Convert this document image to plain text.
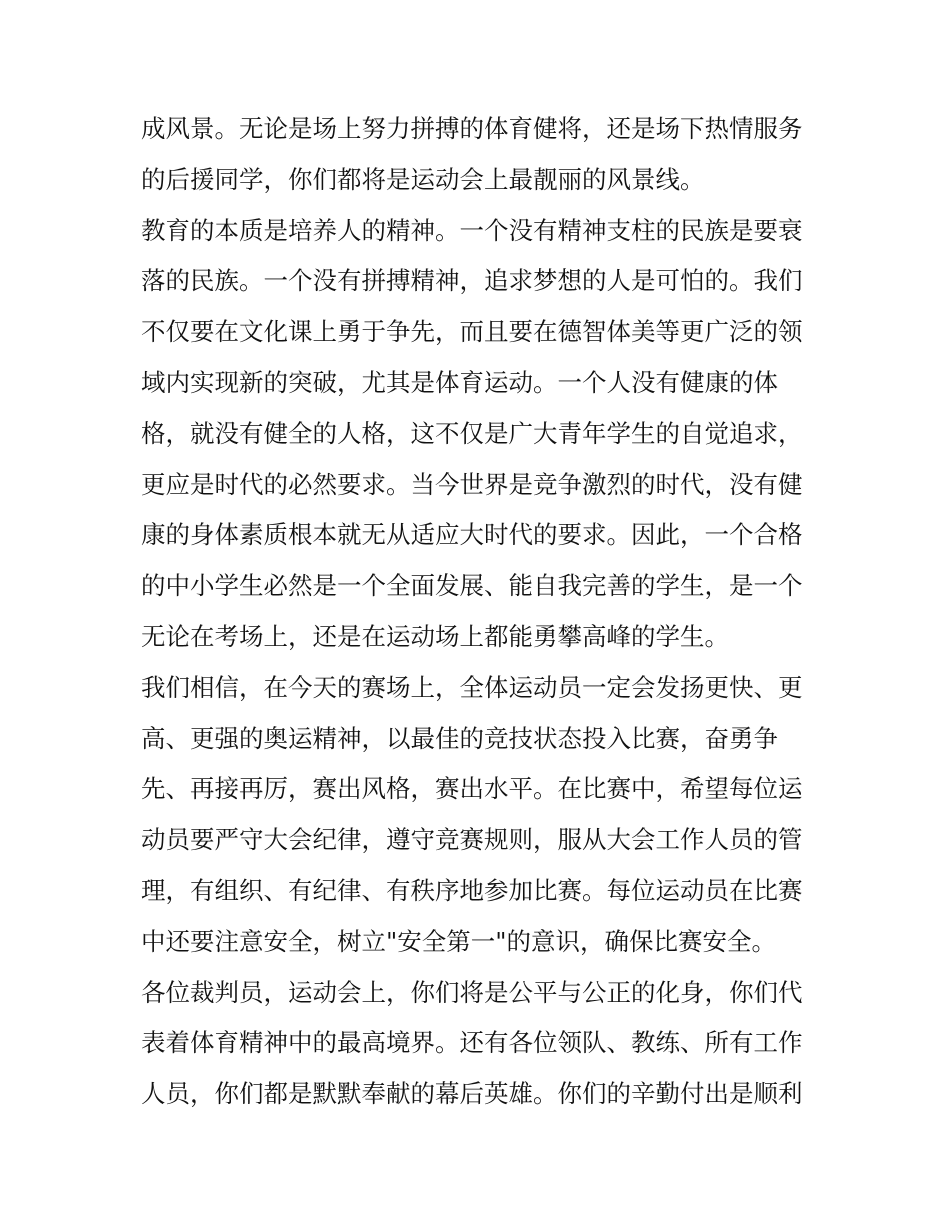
成风景。无论是场上努力拼搏的体育健将，还是场下热情服务
的后援同学，你们都将是运动会上最靓丽的风景线。
教育的本质是培养人的精神。一个没有精神支柱的民族是要衰
落的民族。一个没有拼搏精神，追求梦想的人是可怕的。我们
不仅要在文化课上勇于争先，而且要在德智体美等更广泛的领
域内实现新的突破，尤其是体育运动。一个人没有健康的体
格，就没有健全的人格，这不仅是广大青年学生的自觉追求，
更应是时代的必然要求。当今世界是竞争激烈的时代，没有健
康的身体素质根本就无从适应大时代的要求。因此，一个合格
的中小学生必然是一个全面发展、能自我完善的学生，是一个
无论在考场上，还是在运动场上都能勇攀高峰的学生。
我们相信，在今天的赛场上，全体运动员一定会发扬更快、更
高、更强的奥运精神，以最佳的竞技状态投入比赛，奋勇争
先、再接再厉，赛出风格，赛出水平。在比赛中，希望每位运
动员要严守大会纪律，遵守竞赛规则，服从大会工作人员的管
理，有组织、有纪律、有秩序地参加比赛。每位运动员在比赛
中还要注意安全，树立"安全第一"的意识，确保比赛安全。
各位裁判员，运动会上，你们将是公平与公正的化身，你们代
表着体育精神中的最高境界。还有各位领队、教练、所有工作
人员，你们都是默默奉献的幕后英雄。你们的辛勤付出是顺利
